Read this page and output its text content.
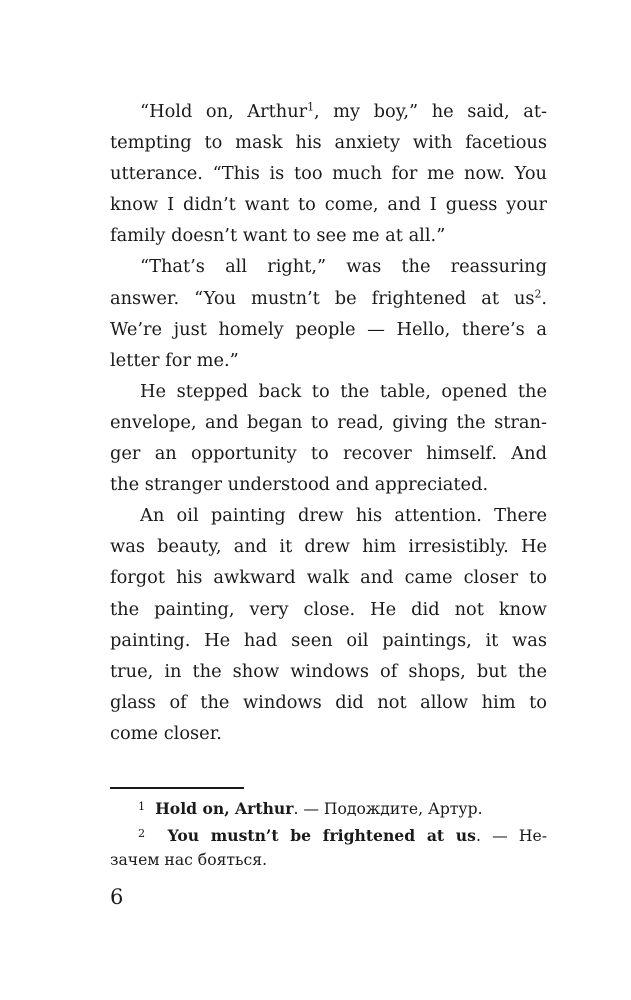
“Hold on, Arthur$^1$, my boy,” he said, at-
tempting to mask his anxiety with facetious
utterance. “This is too much for me now. You
know I didn’t want to come, and I guess your
family doesn’t want to see me at all.”
“That’s all right,” was the reassuring
answer. “You mustn’t be frightened at $us^2$.
We’re just homely people — Hello, there’s a
letter for me.”
He stepped back to the table, opened the
envelope, and began to read, giving the stran-
ger an opportunity to recover himself. And
the stranger understood and appreciated.
An oil painting drew his attention. There
was beauty, and it drew him irresistibly. He
forgot his awkward walk and came closer to
the painting, very close. He did not know
painting. He had seen oil paintings, it was
true, in the show windows of shops, but the
glass of the windows did not allow him to
come closer.
$^1$ Hold on, Arthur. — Подождите, Артур.
$^2$ You mustn’t be frightened at us. — Не-
зачем нас бояться.
6
